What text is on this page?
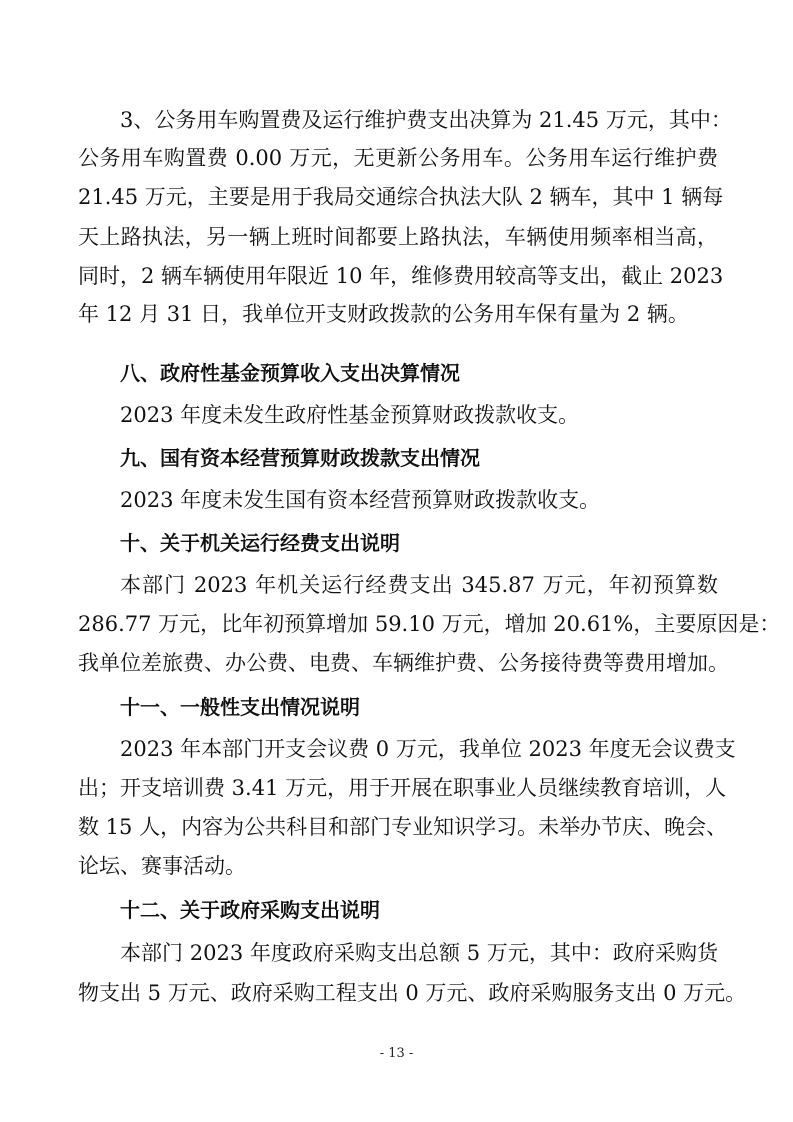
3、公务用车购置费及运行维护费支出决算为 21.45 万元，其中：
公务用车购置费 0.00 万元，无更新公务用车。公务用车运行维护费
21.45 万元，主要是用于我局交通综合执法大队 2 辆车，其中 1 辆每
天上路执法，另一辆上班时间都要上路执法，车辆使用频率相当高，
同时，2 辆车辆使用年限近 10 年，维修费用较高等支出，截止 2023
年 12 月 31 日，我单位开支财政拨款的公务用车保有量为 2 辆。
八、政府性基金预算收入支出决算情况
2023 年度未发生政府性基金预算财政拨款收支。
九、国有资本经营预算财政拨款支出情况
2023 年度未发生国有资本经营预算财政拨款收支。
十、关于机关运行经费支出说明
本部门 2023 年机关运行经费支出 345.87 万元，年初预算数
286.77 万元，比年初预算增加 59.10 万元，增加 20.61%，主要原因是：
我单位差旅费、办公费、电费、车辆维护费、公务接待费等费用增加。
十一、一般性支出情况说明
2023 年本部门开支会议费 0 万元，我单位 2023 年度无会议费支
出；开支培训费 3.41 万元，用于开展在职事业人员继续教育培训，人
数 15 人，内容为公共科目和部门专业知识学习。未举办节庆、晚会、
论坛、赛事活动。
十二、关于政府采购支出说明
本部门 2023 年度政府采购支出总额 5 万元，其中：政府采购货
物支出 5 万元、政府采购工程支出 0 万元、政府采购服务支出 0 万元。
- 13 -
